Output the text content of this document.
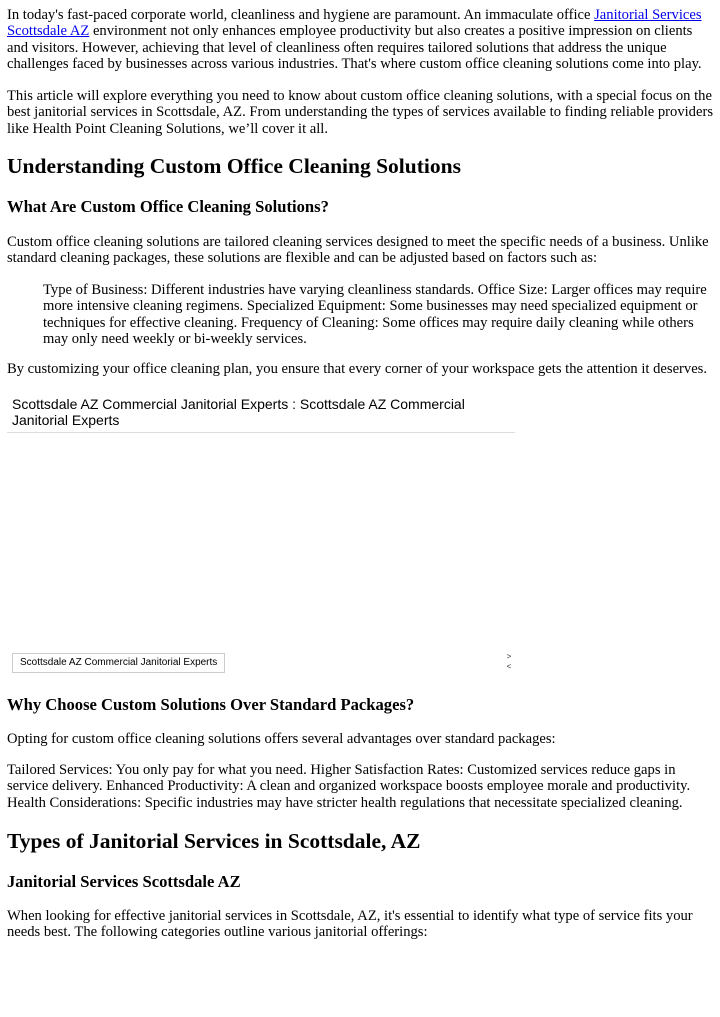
In today's fast-paced corporate world, cleanliness and hygiene are paramount. An immaculate office Janitorial Services Scottsdale AZ environment not only enhances employee productivity but also creates a positive impression on clients and visitors. However, achieving that level of cleanliness often requires tailored solutions that address the unique challenges faced by businesses across various industries. That's where custom office cleaning solutions come into play.

This article will explore everything you need to know about custom office cleaning solutions, with a special focus on the best janitorial services in Scottsdale, AZ. From understanding the types of services available to finding reliable providers like Health Point Cleaning Solutions, we’ll cover it all.

Understanding Custom Office Cleaning Solutions
What Are Custom Office Cleaning Solutions?

Custom office cleaning solutions are tailored cleaning services designed to meet the specific needs of a business. Unlike standard cleaning packages, these solutions are flexible and can be adjusted based on factors such as:

Type of Business: Different industries have varying cleanliness standards. Office Size: Larger offices may require more intensive cleaning regimens. Specialized Equipment: Some businesses may need specialized equipment or techniques for effective cleaning. Frequency of Cleaning: Some offices may require daily cleaning while others may only need weekly or bi-weekly services.

By customizing your office cleaning plan, you ensure that every corner of your workspace gets the attention it deserves.

Scottsdale AZ Commercial Janitorial Experts : Scottsdale AZ Commercial Janitorial Experts
Scottsdale AZ Commercial Janitorial Experts
>
<
Why Choose Custom Solutions Over Standard Packages?

Opting for custom office cleaning solutions offers several advantages over standard packages:

Tailored Services: You only pay for what you need. Higher Satisfaction Rates: Customized services reduce gaps in service delivery. Enhanced Productivity: A clean and organized workspace boosts employee morale and productivity. Health Considerations: Specific industries may have stricter health regulations that necessitate specialized cleaning.

Types of Janitorial Services in Scottsdale, AZ
Janitorial Services Scottsdale AZ

When looking for effective janitorial services in Scottsdale, AZ, it's essential to identify what type of service fits your needs best. The following categories outline various janitorial offerings:
